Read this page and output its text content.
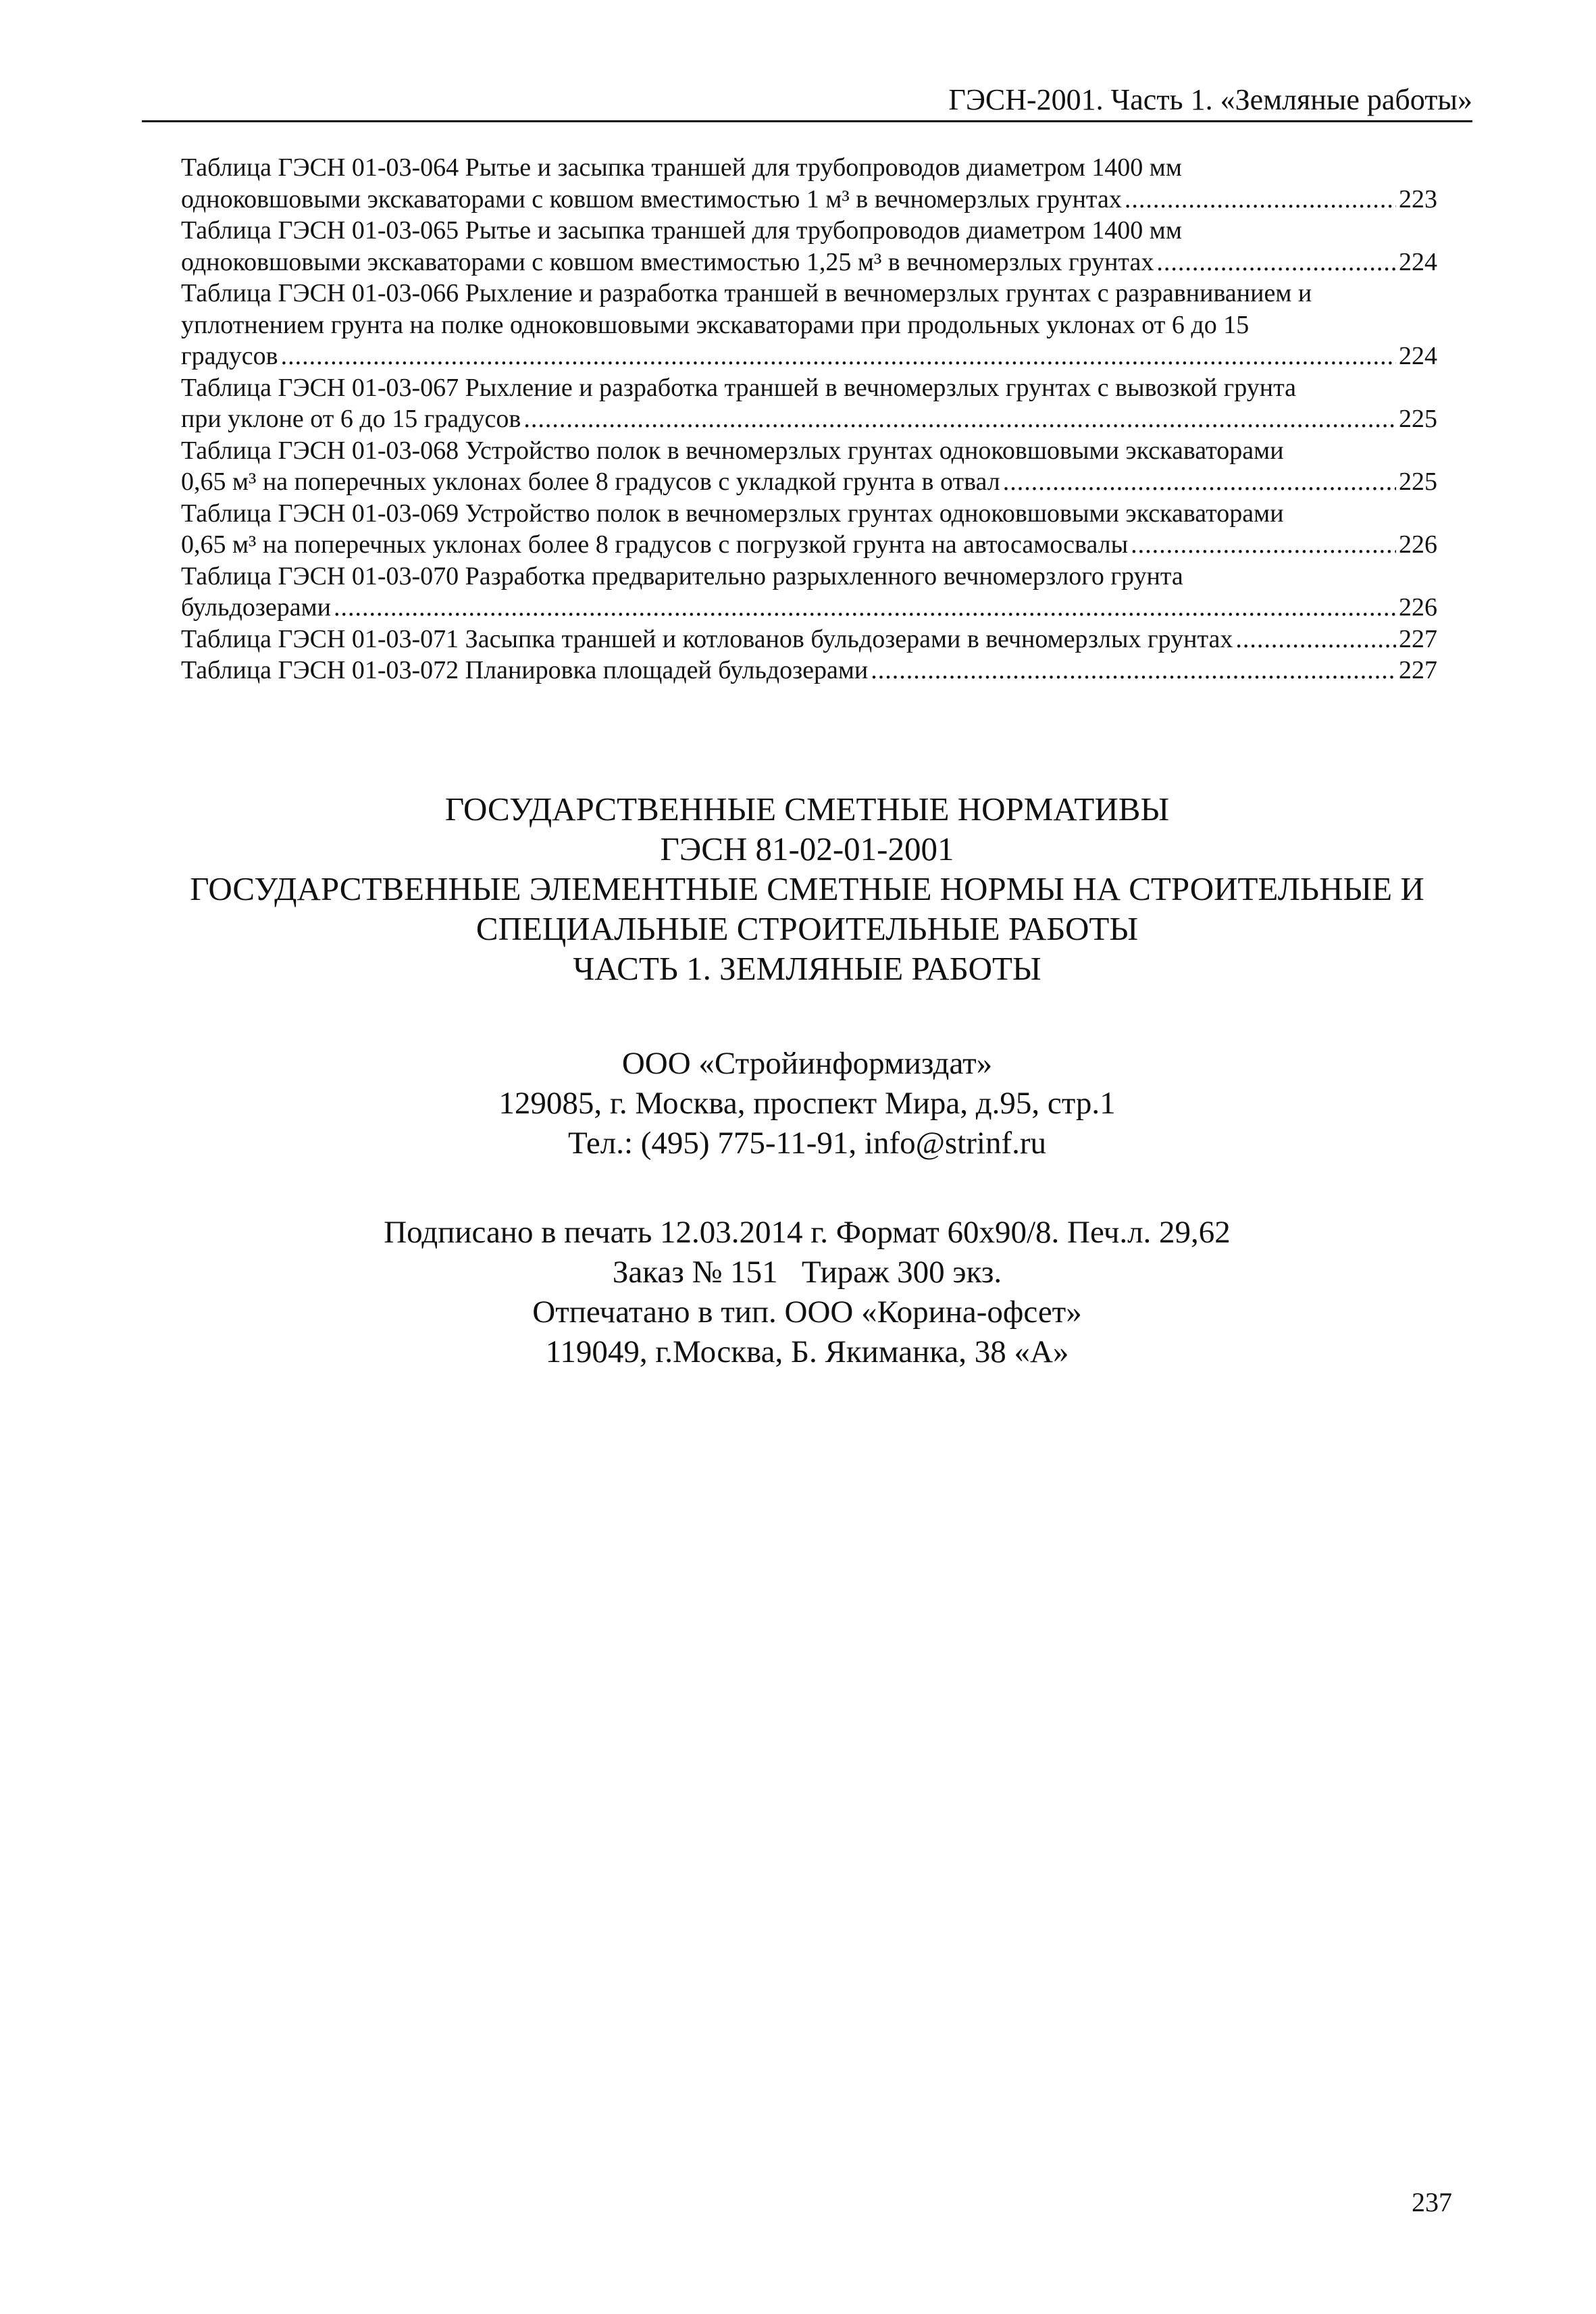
ГЭСН-2001. Часть 1. «Земляные работы»
Таблица ГЭСН 01-03-064 Рытье и засыпка траншей для трубопроводов диаметром 1400 мм
одноковшовыми экскаваторами с ковшом вместимостью 1 м³ в вечномерзлых грунтах .....	223
Таблица ГЭСН 01-03-065 Рытье и засыпка траншей для трубопроводов диаметром 1400 мм
одноковшовыми экскаваторами с ковшом вместимостью 1,25 м³ в вечномерзлых грунтах .....	224
Таблица ГЭСН 01-03-066 Рыхление и разработка траншей в вечномерзлых грунтах с разравниванием и
уплотнением грунта на полке одноковшовыми экскаваторами при продольных уклонах от 6 до 15
градусов .....	224
Таблица ГЭСН 01-03-067 Рыхление и разработка траншей в вечномерзлых грунтах с вывозкой грунта
при уклоне от 6 до 15 градусов .....	225
Таблица ГЭСН 01-03-068 Устройство полок в вечномерзлых грунтах одноковшовыми экскаваторами
0,65 м³ на поперечных уклонах более 8 градусов с укладкой грунта в отвал .....	225
Таблица ГЭСН 01-03-069 Устройство полок в вечномерзлых грунтах одноковшовыми экскаваторами
0,65 м³ на поперечных уклонах более 8 градусов с погрузкой грунта на автосамосвалы .....	226
Таблица ГЭСН 01-03-070 Разработка предварительно разрыхленного вечномерзлого грунта
бульдозерами .....	226
Таблица ГЭСН 01-03-071 Засыпка траншей и котлованов бульдозерами в вечномерзлых грунтах .....	227
Таблица ГЭСН 01-03-072 Планировка площадей бульдозерами .....	227
ГОСУДАРСТВЕННЫЕ СМЕТНЫЕ НОРМАТИВЫ
ГЭСН 81-02-01-2001
ГОСУДАРСТВЕННЫЕ ЭЛЕМЕНТНЫЕ СМЕТНЫЕ НОРМЫ НА СТРОИТЕЛЬНЫЕ И
СПЕЦИАЛЬНЫЕ СТРОИТЕЛЬНЫЕ РАБОТЫ
ЧАСТЬ 1. ЗЕМЛЯНЫЕ РАБОТЫ
ООО «Стройинформиздат»
129085, г. Москва, проспект Мира, д.95, стр.1
Тел.: (495) 775-11-91, info@strinf.ru
Подписано в печать 12.03.2014 г. Формат 60х90/8. Печ.л. 29,62
Заказ № 151   Тираж 300 экз.
Отпечатано в тип. ООО «Корина-офсет»
119049, г.Москва, Б. Якиманка, 38 «А»
237
